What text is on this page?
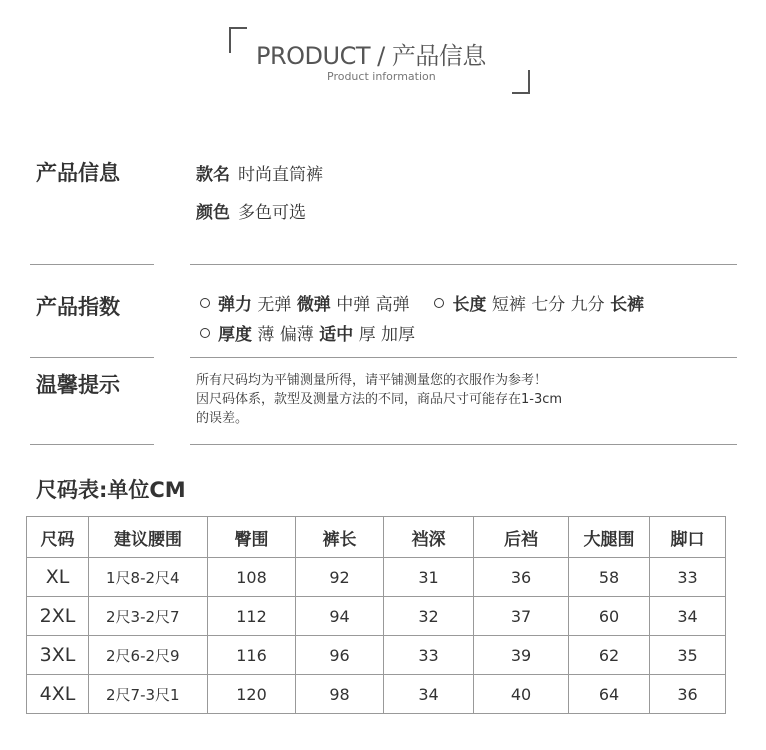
PRODUCT / 产品信息
Product information
产品信息	款名 时尚直筒裤
颜色 多色可选
产品指数	弹力 无弹 微弹 中弹 高弹	长度 短裤 七分 九分 长裤
厚度 薄 偏薄 适中 厚 加厚
温馨提示	所有尺码均为平铺测量所得，请平铺测量您的衣服作为参考！
因尺码体系，款型及测量方法的不同，商品尺寸可能存在1-3cm
的误差。
尺码表:单位CM
尺码	建议腰围	臀围	裤长	裆深	后裆	大腿围	脚口
XL	1尺8-2尺4	108	92	31	36	58	33
2XL	2尺3-2尺7	112	94	32	37	60	34
3XL	2尺6-2尺9	116	96	33	39	62	35
4XL	2尺7-3尺1	120	98	34	40	64	36
